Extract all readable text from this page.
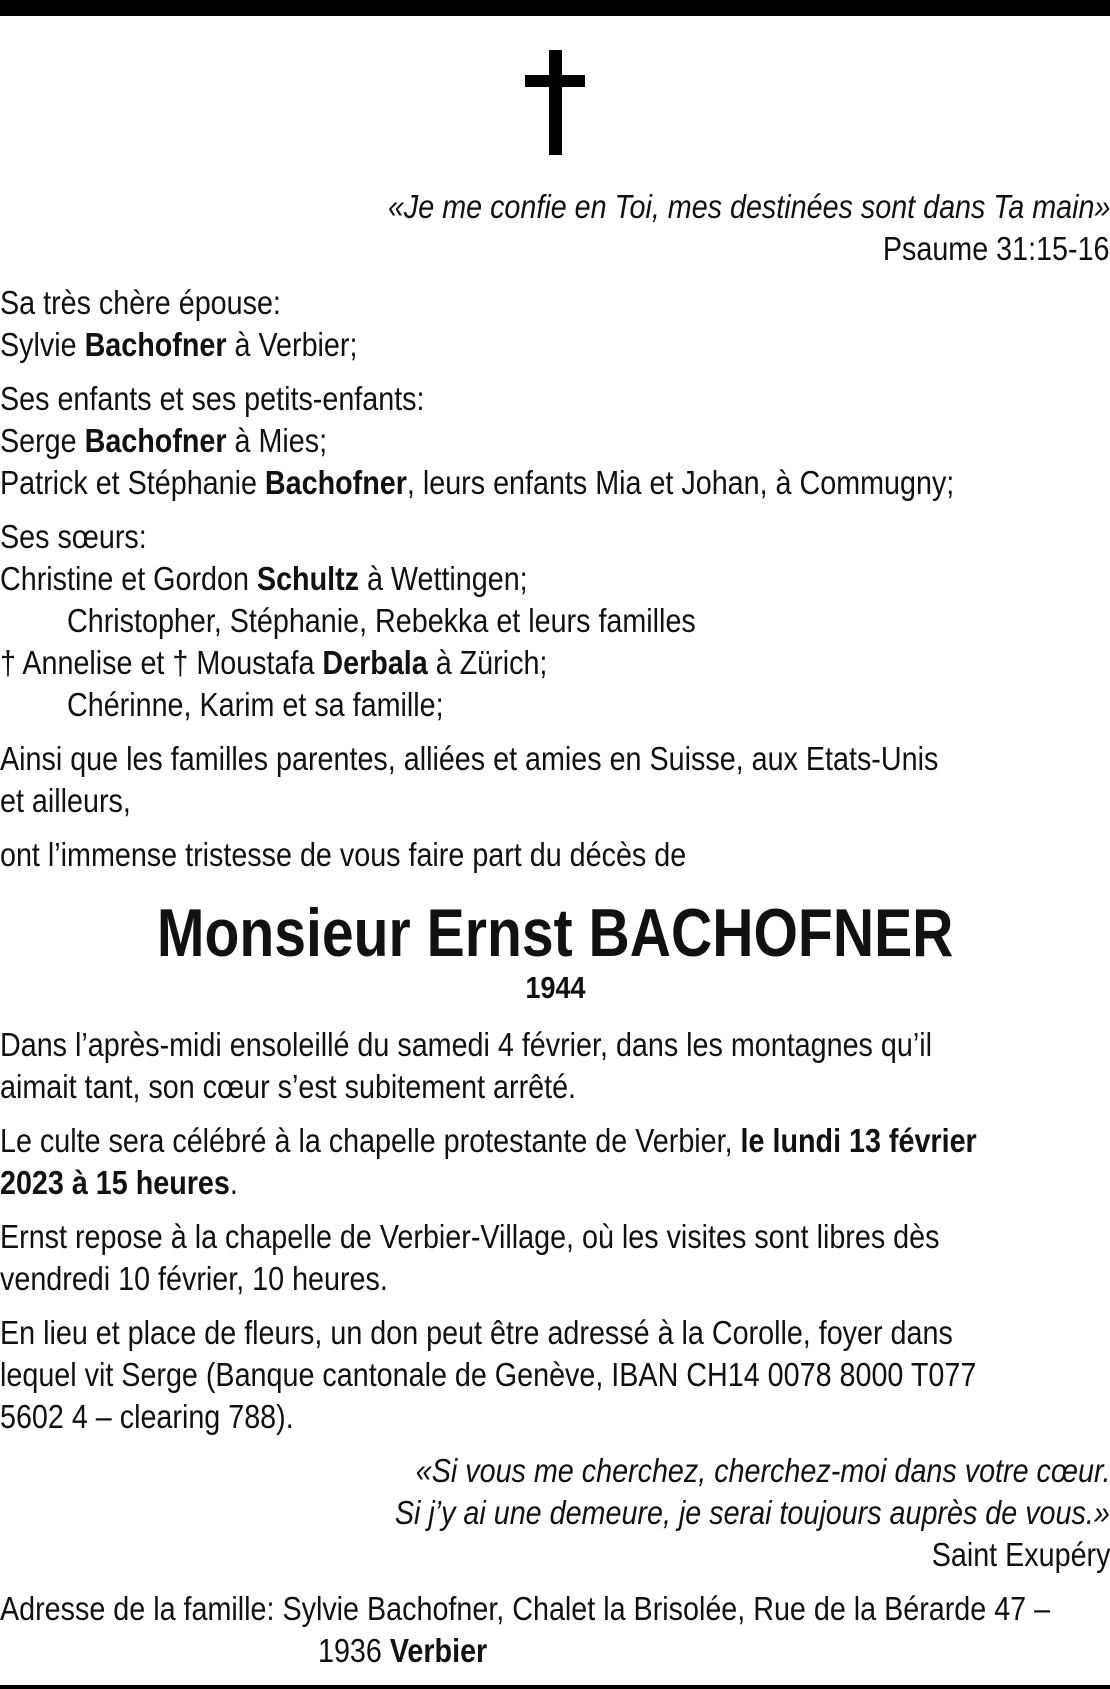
«Je me confie en Toi, mes destinées sont dans Ta main»
Psaume 31:15-16
Sa très chère épouse:
Sylvie Bachofner à Verbier;
Ses enfants et ses petits-enfants:
Serge Bachofner à Mies;
Patrick et Stéphanie Bachofner, leurs enfants Mia et Johan, à Commugny;
Ses sœurs:
Christine et Gordon Schultz à Wettingen;
Christopher, Stéphanie, Rebekka et leurs familles
† Annelise et † Moustafa Derbala à Zürich;
Chérinne, Karim et sa famille;
Ainsi que les familles parentes, alliées et amies en Suisse, aux Etats-Unis
et ailleurs,
ont l’immense tristesse de vous faire part du décès de
Monsieur Ernst BACHOFNER
1944
Dans l’après-midi ensoleillé du samedi 4 février, dans les montagnes qu’il
aimait tant, son cœur s’est subitement arrêté.
Le culte sera célébré à la chapelle protestante de Verbier, le lundi 13 février
2023 à 15 heures.
Ernst repose à la chapelle de Verbier-Village, où les visites sont libres dès
vendredi 10 février, 10 heures.
En lieu et place de fleurs, un don peut être adressé à la Corolle, foyer dans
lequel vit Serge (Banque cantonale de Genève, IBAN CH14 0078 8000 T077
5602 4 – clearing 788).
«Si vous me cherchez, cherchez-moi dans votre cœur.
Si j’y ai une demeure, je serai toujours auprès de vous.»
Saint Exupéry
Adresse de la famille: Sylvie Bachofner, Chalet la Brisolée, Rue de la Bérarde 47 –
1936 Verbier
